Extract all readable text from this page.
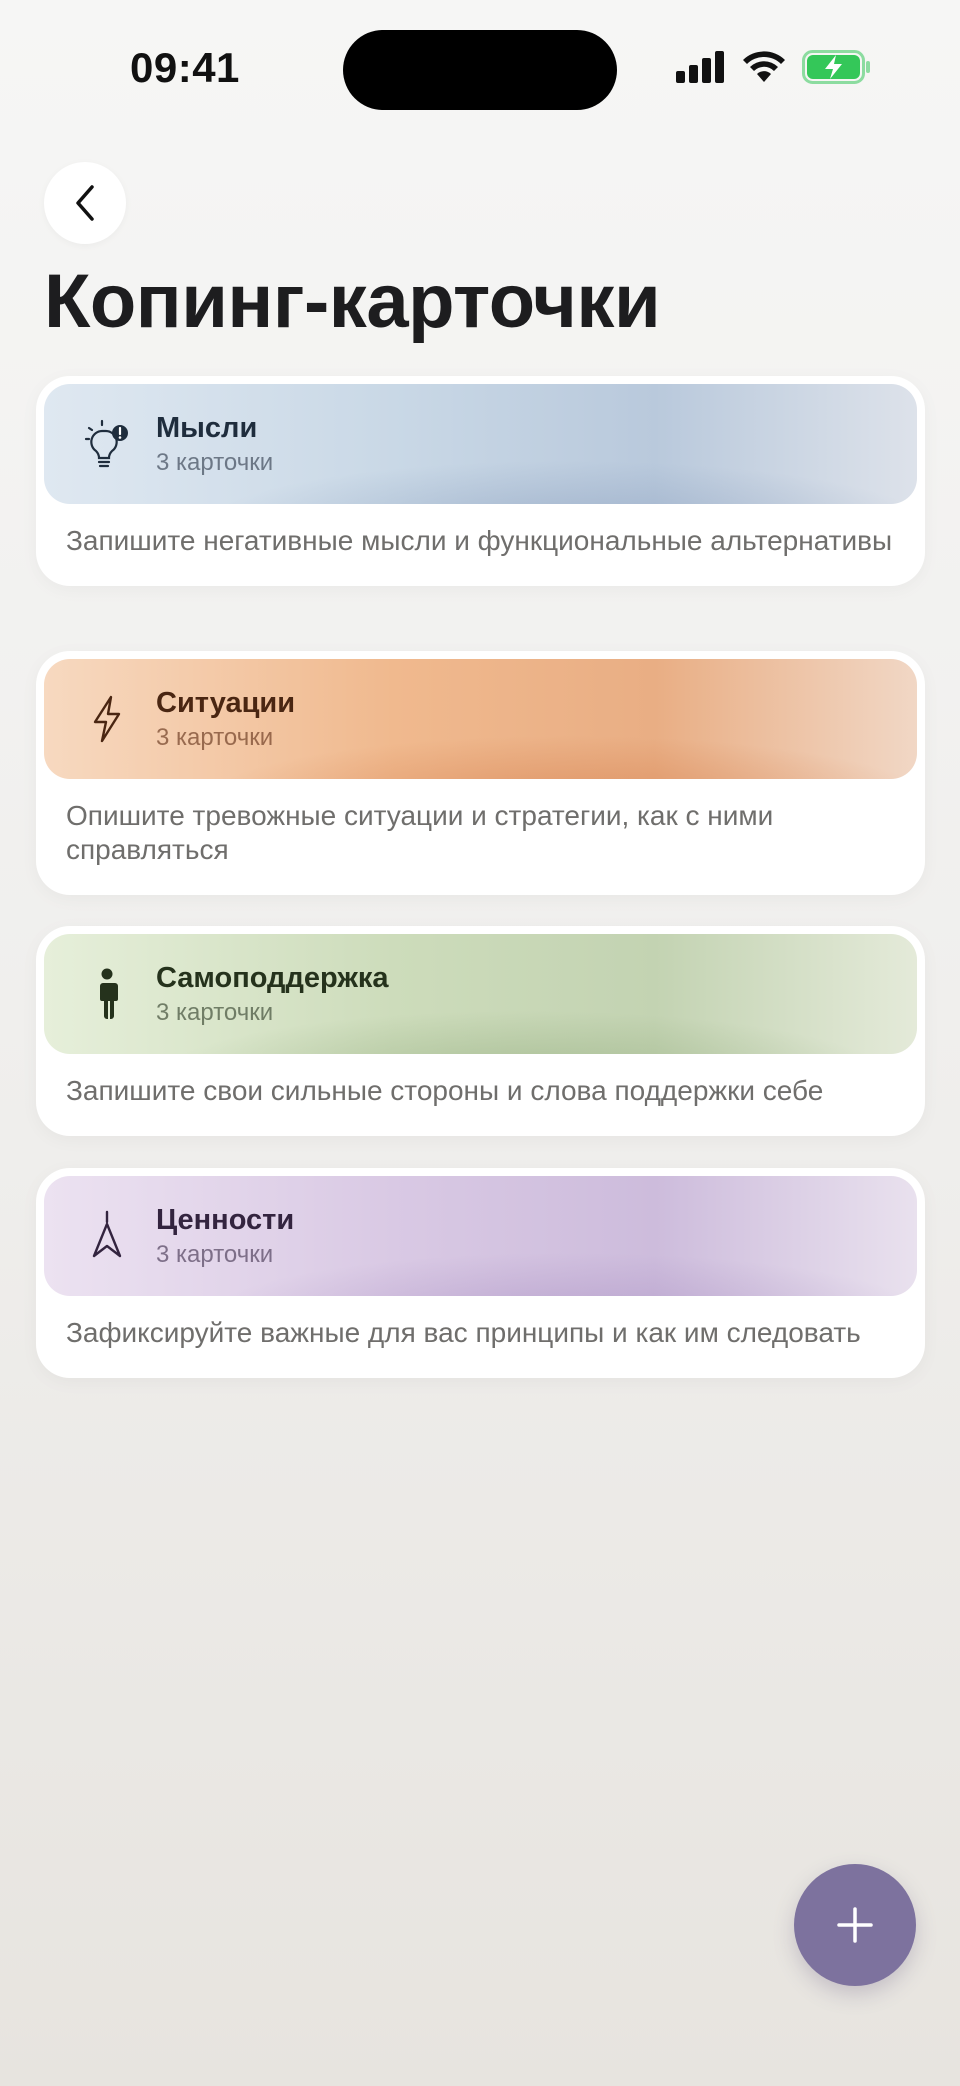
09:41
Копинг-карточки
Мысли
3 карточки
Запишите негативные мысли и функциональные альтернативы
Ситуации
3 карточки
Опишите тревожные ситуации и стратегии, как с ними справляться
Самоподдержка
3 карточки
Запишите свои сильные стороны и слова поддержки себе
Ценности
3 карточки
Зафиксируйте важные для вас принципы и как им следовать
